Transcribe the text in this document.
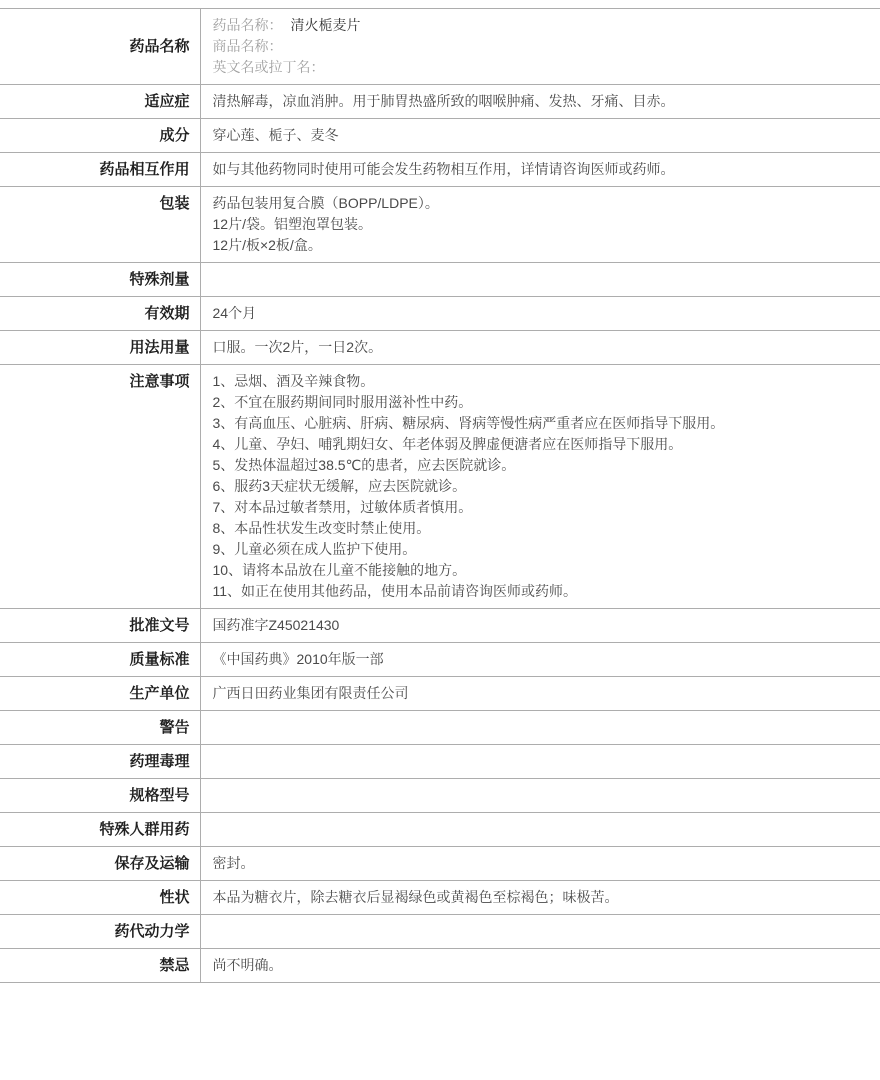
药品名称	药品名称： 清火栀麦片
商品名称：
英文名或拉丁名：

适应症	清热解毒，凉血消肿。用于肺胃热盛所致的咽喉肿痛、发热、牙痛、目赤。

成分	穿心莲、栀子、麦冬

药品相互作用	如与其他药物同时使用可能会发生药物相互作用，详情请咨询医师或药师。

包装	药品包装用复合膜（BOPP/LDPE）。
12片/袋。铝塑泡罩包装。
12片/板×2板/盒。

特殊剂量	
有效期	24个月

用法用量	口服。一次2片，一日2次。

注意事项	1、忌烟、酒及辛辣食物。
2、不宜在服药期间同时服用滋补性中药。
3、有高血压、心脏病、肝病、糖尿病、肾病等慢性病严重者应在医师指导下服用。
4、儿童、孕妇、哺乳期妇女、年老体弱及脾虚便溏者应在医师指导下服用。
5、发热体温超过38.5℃的患者，应去医院就诊。
6、服药3天症状无缓解，应去医院就诊。
7、对本品过敏者禁用，过敏体质者慎用。
8、本品性状发生改变时禁止使用。
9、儿童必须在成人监护下使用。
10、请将本品放在儿童不能接触的地方。
11、如正在使用其他药品，使用本品前请咨询医师或药师。

批准文号	国药准字Z45021430

质量标准	《中国药典》2010年版一部

生产单位	广西日田药业集团有限责任公司

警告	
药理毒理	
规格型号	
特殊人群用药	
保存及运输	密封。

性状	本品为糖衣片，除去糖衣后显褐绿色或黄褐色至棕褐色；味极苦。

药代动力学	
禁忌	尚不明确。
